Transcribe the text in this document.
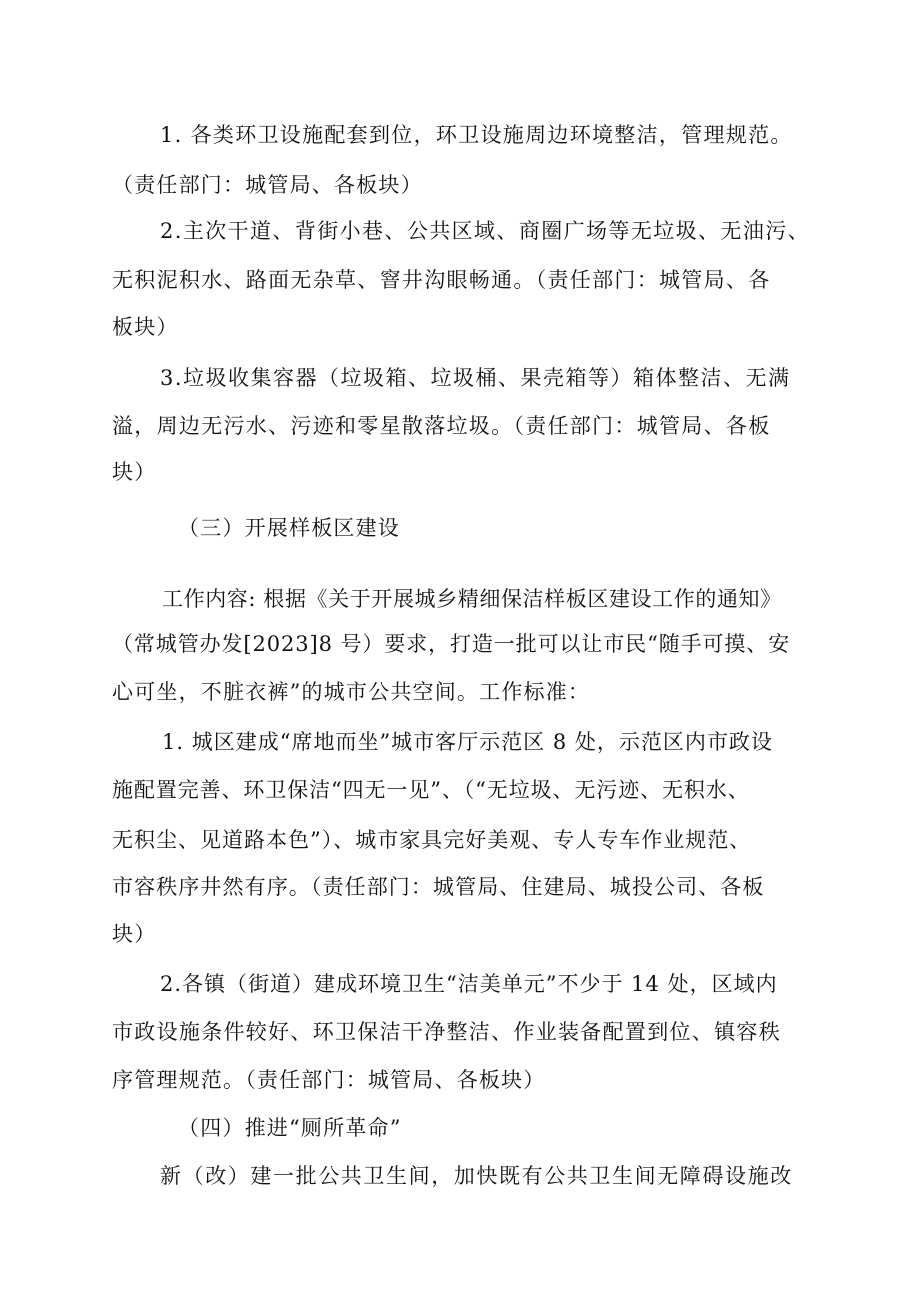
1. 各类环卫设施配套到位，环卫设施周边环境整洁，管理规范。
（责任部门：城管局、各板块）
2.主次干道、背街小巷、公共区域、商圈广场等无垃圾、无油污、
无积泥积水、路面无杂草、窨井沟眼畅通。（责任部门：城管局、各
板块）
3.垃圾收集容器（垃圾箱、垃圾桶、果壳箱等）箱体整洁、无满
溢，周边无污水、污迹和零星散落垃圾。（责任部门：城管局、各板
块）
（三）开展样板区建设
工作内容: 根据《关于开展城乡精细保洁样板区建设工作的通知》
（常城管办发[2023]8 号）要求，打造一批可以让市民“随手可摸、安
心可坐，不脏衣裤”的城市公共空间。工作标准：
1. 城区建成“席地而坐”城市客厅示范区 8 处，示范区内市政设
施配置完善、环卫保洁“四无一见”、（“无垃圾、无污迹、无积水、
无积尘、见道路本色”）、城市家具完好美观、专人专车作业规范、
市容秩序井然有序。（责任部门：城管局、住建局、城投公司、各板
块）
2.各镇（街道）建成环境卫生“洁美单元”不少于 14 处，区域内
市政设施条件较好、环卫保洁干净整洁、作业装备配置到位、镇容秩
序管理规范。（责任部门：城管局、各板块）
（四）推进“厕所革命”
新（改）建一批公共卫生间，加快既有公共卫生间无障碍设施改
